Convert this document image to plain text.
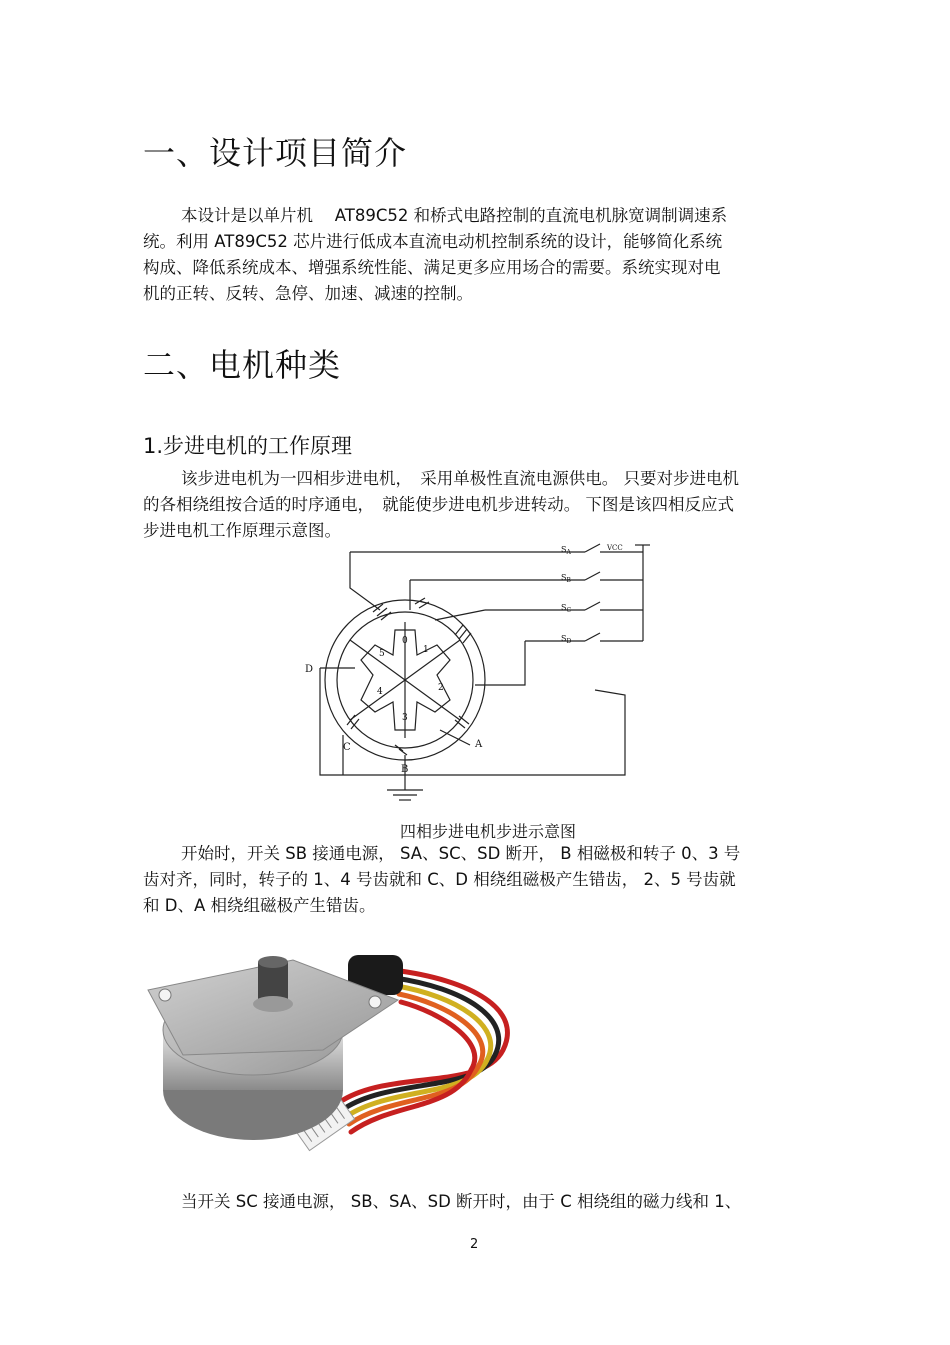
一、设计项目简介
本设计是以单片机　 AT89C52 和桥式电路控制的直流电机脉宽调制调速系
统。利用 AT89C52 芯片进行低成本直流电动机控制系统的设计，能够简化系统
构成、降低系统成本、增强系统性能、满足更多应用场合的需要。系统实现对电
机的正转、反转、急停、加速、减速的控制。
二、电机种类
1.步进电机的工作原理
该步进电机为一四相步进电机，　采用单极性直流电源供电。 只要对步进电机
的各相绕组按合适的时序通电，　就能使步进电机步进转动。 下图是该四相反应式
步进电机工作原理示意图。
$S_A$
VCC
$S_B$
$S_C$
$S_D$
D
C
B
A
0
1
2
3
4
5
四相步进电机步进示意图
开始时，开关 SB 接通电源， SA、SC、SD 断开， B 相磁极和转子 0、3 号
齿对齐，同时，转子的 1、4 号齿就和 C、D 相绕组磁极产生错齿， 2、5 号齿就
和 D、A 相绕组磁极产生错齿。
当开关 SC 接通电源， SB、SA、SD 断开时，由于 C 相绕组的磁力线和 1、
2
